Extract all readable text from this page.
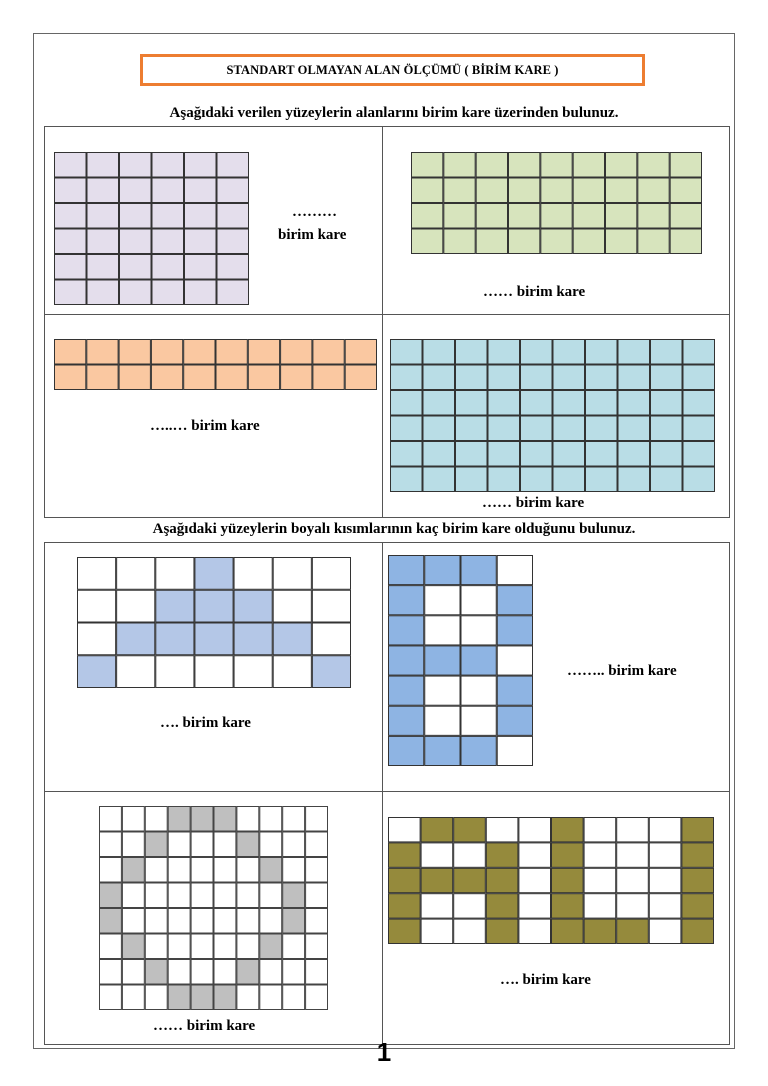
STANDART OLMAYAN ALAN ÖLÇÜMÜ ( BİRİM KARE )
Aşağıdaki verilen yüzeylerin alanlarını birim kare üzerinden bulunuz.
Aşağıdaki yüzeylerin boyalı kısımlarının kaç birim kare olduğunu bulunuz.
………
birim kare
…… birim kare
…..… birim kare
…… birim kare
…. birim kare
…….. birim kare
…… birim kare
…. birim kare
1
